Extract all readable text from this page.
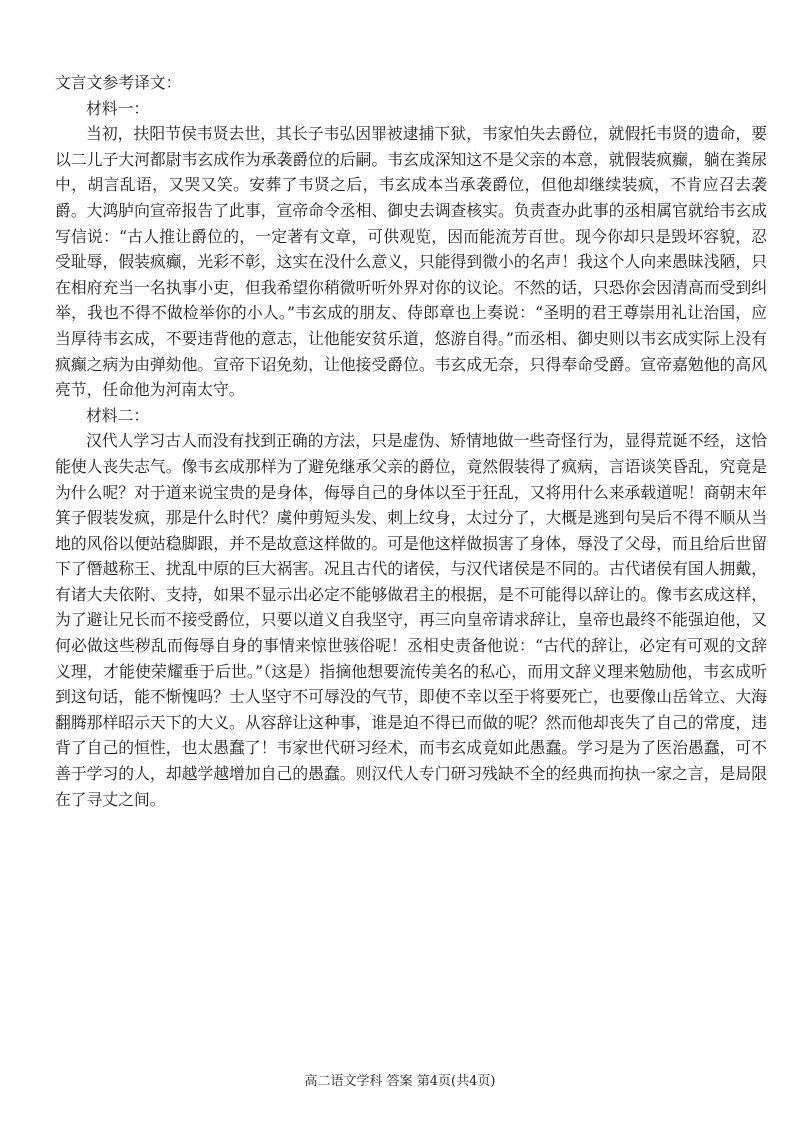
文言文参考译文：

材料一：

当初，扶阳节侯韦贤去世，其长子韦弘因罪被逮捕下狱，韦家怕失去爵位，就假托韦贤的遗命，要以二儿子大河都尉韦玄成作为承袭爵位的后嗣。韦玄成深知这不是父亲的本意，就假装疯癫，躺在粪尿中，胡言乱语，又哭又笑。安葬了韦贤之后，韦玄成本当承袭爵位，但他却继续装疯，不肯应召去袭爵。大鸿胪向宣帝报告了此事，宣帝命令丞相、御史去调查核实。负责查办此事的丞相属官就给韦玄成写信说：“古人推让爵位的，一定著有文章，可供观览，因而能流芳百世。现今你却只是毁坏容貌，忍受耻辱，假装疯癫，光彩不彰，这实在没什么意义，只能得到微小的名声！我这个人向来愚昧浅陋，只在相府充当一名执事小吏，但我希望你稍微听听外界对你的议论。不然的话，只恐你会因清高而受到纠举，我也不得不做检举你的小人。”韦玄成的朋友、侍郎章也上奏说：“圣明的君王尊崇用礼让治国，应当厚待韦玄成，不要违背他的意志，让他能安贫乐道，悠游自得。”而丞相、御史则以韦玄成实际上没有疯癫之病为由弹劾他。宣帝下诏免劾，让他接受爵位。韦玄成无奈，只得奉命受爵。宣帝嘉勉他的高风亮节，任命他为河南太守。

材料二：

汉代人学习古人而没有找到正确的方法，只是虚伪、矫情地做一些奇怪行为，显得荒诞不经，这恰能使人丧失志气。像韦玄成那样为了避免继承父亲的爵位，竟然假装得了疯病，言语谈笑昏乱，究竟是为什么呢？对于道来说宝贵的是身体，侮辱自己的身体以至于狂乱，又将用什么来承载道呢！商朝末年箕子假装发疯，那是什么时代？虞仲剪短头发、刺上纹身，太过分了，大概是逃到句吴后不得不顺从当地的风俗以便站稳脚跟，并不是故意这样做的。可是他这样做损害了身体，辱没了父母，而且给后世留下了僭越称王、扰乱中原的巨大祸害。况且古代的诸侯，与汉代诸侯是不同的。古代诸侯有国人拥戴，有诸大夫依附、支持，如果不显示出必定不能够做君主的根据，是不可能得以辞让的。像韦玄成这样，为了避让兄长而不接受爵位，只要以道义自我坚守，再三向皇帝请求辞让，皇帝也最终不能强迫他，又何必做这些秽乱而侮辱自身的事情来惊世骇俗呢！丞相史责备他说：“古代的辞让，必定有可观的文辞义理，才能使荣耀垂于后世。”（这是）指摘他想要流传美名的私心，而用文辞义理来勉励他，韦玄成听到这句话，能不惭愧吗？士人坚守不可辱没的气节，即使不幸以至于将要死亡，也要像山岳耸立、大海翻腾那样昭示天下的大义。从容辞让这种事，谁是迫不得已而做的呢？然而他却丧失了自己的常度，违背了自己的恒性，也太愚蠢了！韦家世代研习经术，而韦玄成竟如此愚蠢。学习是为了医治愚蠢，可不善于学习的人，却越学越增加自己的愚蠢。则汉代人专门研习残缺不全的经典而拘执一家之言，是局限在了寻丈之间。

高二语文学科 答案 第4页(共4页)
